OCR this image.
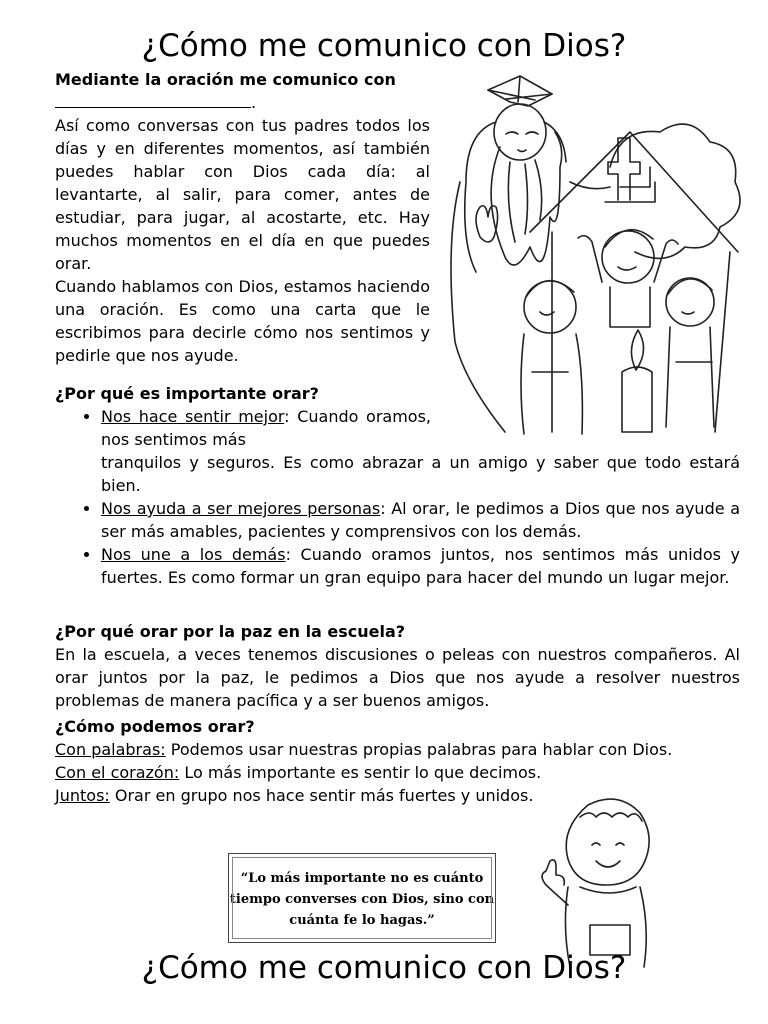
¿Cómo me comunico con Dios?
Mediante la oración me comunico con .
Así como conversas con tus padres todos los días y en diferentes momentos, así también puedes hablar con Dios cada día: al levantarte, al salir, para comer, antes de estudiar, para jugar, al acostarte, etc. Hay muchos momentos en el día en que puedes orar.
Cuando hablamos con Dios, estamos haciendo una oración. Es como una carta que le escribimos para decirle cómo nos sentimos y pedirle que nos ayude.
¿Por qué es importante orar?
• Nos hace sentir mejor: Cuando oramos, nos sentimos más
tranquilos y seguros. Es como abrazar a un amigo y saber que todo estará bien.
• Nos ayuda a ser mejores personas: Al orar, le pedimos a Dios que nos ayude a ser más amables, pacientes y comprensivos con los demás.
• Nos une a los demás: Cuando oramos juntos, nos sentimos más unidos y fuertes. Es como formar un gran equipo para hacer del mundo un lugar mejor.
¿Por qué orar por la paz en la escuela?
En la escuela, a veces tenemos discusiones o peleas con nuestros compañeros. Al orar juntos por la paz, le pedimos a Dios que nos ayude a resolver nuestros problemas de manera pacífica y a ser buenos amigos.
¿Cómo podemos orar?
Con palabras: Podemos usar nuestras propias palabras para hablar con Dios.
Con el corazón: Lo más importante es sentir lo que decimos.
Juntos: Orar en grupo nos hace sentir más fuertes y unidos.
“Lo más importante no es cuánto
tiempo converses con Dios, sino con
cuánta fe lo hagas.”
¿Cómo me comunico con Dios?
